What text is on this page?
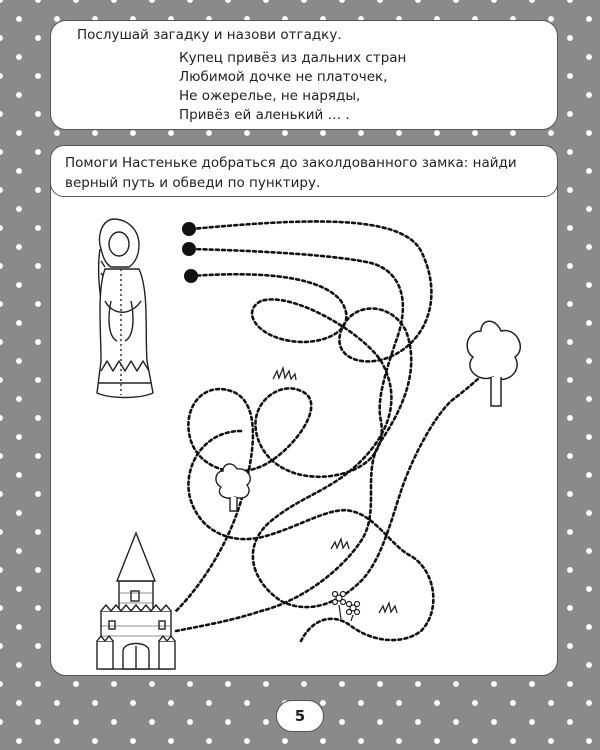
Послушай загадку и назови отгадку.

Купец привёз из дальних стран
Любимой дочке не платочек,
Не ожерелье, не наряды,
Привёз ей аленький … .

Помоги Настеньке добраться до заколдованного замка: найди верный путь и обведи по пунктиру.

5
